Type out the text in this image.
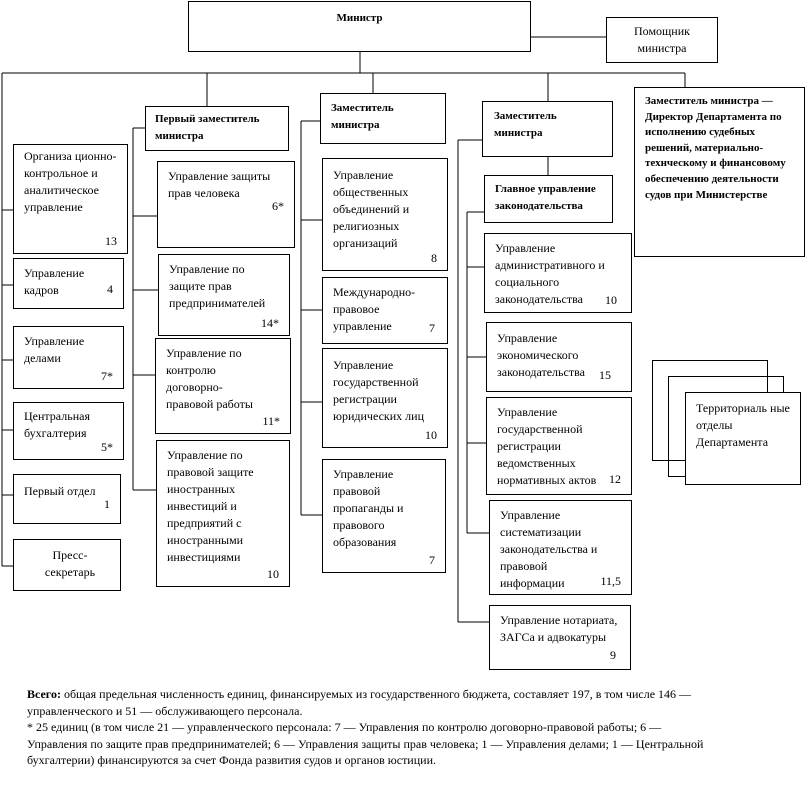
Министр
Помощник министра
Первый заместитель министра
Заместитель министра
Заместитель министра
Заместитель министра — Директор Департамента по исполнению судебных решений, материально-технческому и финансовому обеспечению деятельности судов при Министерстве
Главное управление законодательства
Организа ционно-контрольное и аналитическое управление
13
Управление кадров	4
Управление делами
7*
Центральная бухгалтерия
5*
Первый отдел
1
Пресс-секретарь
Управление защиты прав человека
6*
Управление по защите прав предпринимателей
14*
Управление по контролю договорно-правовой работы
11*
Управление по правовой защите иностранных инвестиций и предприятий с иностранными инвестициями
10
Управление общественных объединений и религиозных организаций
8
Международно-правовое управление	7
Управление государственной регистрации юридических лиц
10
Управление правовой пропаганды и правового образования
7
Управление административного и социального законодательства	10
Управление экономического законодательства	15
Управление государственной регистрации ведомственных нормативных актов	12
Управление систематизации законодательства и правовой информации	11,5
Управление нотариата, ЗАГСа и адвокатуры
9
Территориаль ные отделы Департамента
Всего: общая предельная численность единиц, финансируемых из государственного бюджета, составляет 197, в том числе 146 — управленческого и 51 — обслуживающего персонала.
* 25 единиц (в том числе 21 — управленческого персонала: 7 — Управления по контролю договорно-правовой работы; 6 — Управления по защите прав предпринимателей; 6 — Управления защиты прав человека; 1 — Управления делами; 1 — Центральной бухгалтерии) финансируются за счет Фонда развития судов и органов юстиции.
